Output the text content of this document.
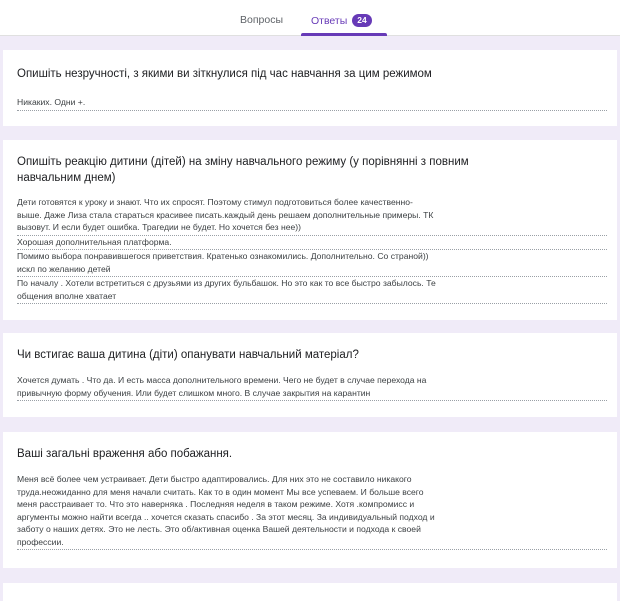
Вопросы	Ответы 24
Опишіть незручності, з якими ви зіткнулися під час навчання за цим режимом
Никаких. Одни +.
Опишіть реакцію дитини (дітей) на зміну навчального режиму (у порівнянні з повним
навчальним днем)
Дети готовятся к уроку и знают. Что их спросят. Поэтому стимул подготовиться более качественно-
выше. Даже Лиза стала стараться красивее писать.каждый день решаем дополнительные примеры. ТК
вызовут. И если будет ошибка. Трагедии не будет. Но хочется без нее))
Хорошая дополнительная платформа.
Помимо выбора понравившегося приветствия. Кратенько ознакомились. Дополнительно. Со страной))
искл по желанию детей
По началу . Хотели встретиться с друзьями из других бульбашок. Но это как то все быстро забылось. Те
общения вполне хватает
Чи встигає ваша дитина (діти) опанувати навчальний матеріал?
Хочется думать . Что да. И есть масса дополнительного времени. Чего не будет в случае перехода на
привычную форму обучения. Или будет слишком много. В случае закрытия на карантин
Ваші загальні враження або побажання.
Меня всё более чем устраивает. Дети быстро адаптировались. Для них это не составило никакого
труда.неожиданно для меня начали считать. Как то в один момент Мы все успеваем. И больше всего
меня расстраивает то. Что это наверняка . Последняя неделя в таком режиме. Хотя .компромисс и
аргументы можно найти всегда .. хочется сказать спасибо . За этот месяц. За индивидуальный подход и
заботу о наших детях. Это не лесть. Это об/активная оценка Вашей деятельности и подхода к своей
профессии.
